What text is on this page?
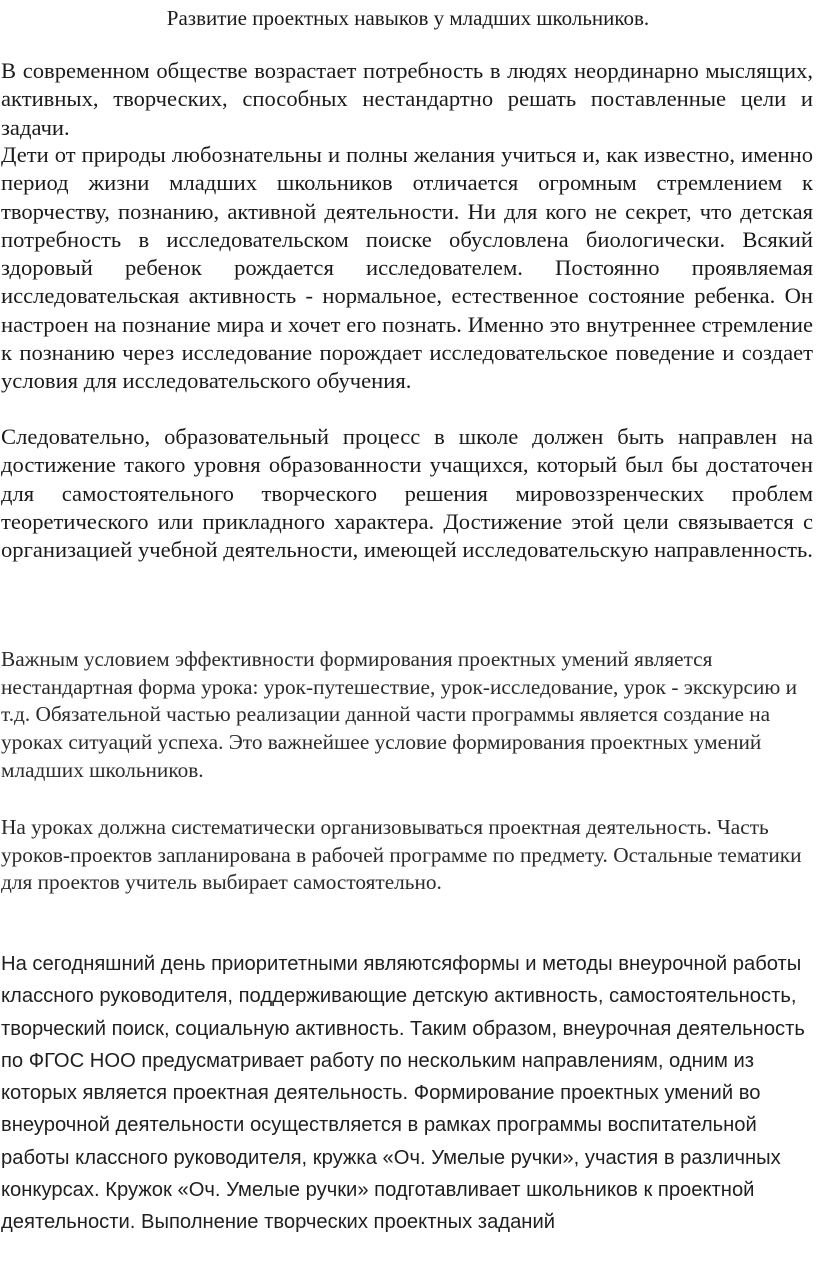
Развитие проектных навыков у младших школьников.

В современном обществе возрастает потребность в людях неординарно мыслящих, активных, творческих, способных нестандартно решать поставленные цели и задачи.

Дети от природы любознательны и полны желания учиться и, как известно, именно период жизни младших школьников отличается огромным стремлением к творчеству, познанию, активной деятельности. Ни для кого не секрет, что детская потребность в исследовательском поиске обусловлена биологически. Всякий здоровый ребенок рождается исследователем. Постоянно проявляемая исследовательская активность - нормальное, естественное состояние ребенка. Он настроен на познание мира и хочет его познать. Именно это внутреннее стремление к познанию через исследование порождает исследовательское поведение и создает условия для исследовательского обучения.

Следовательно, образовательный процесс в школе должен быть направлен на достижение такого уровня образованности учащихся, который был бы достаточен для самостоятельного творческого решения мировоззренческих проблем теоретического или прикладного характера. Достижение этой цели связывается с организацией учебной деятельности, имеющей исследовательскую направленность.

Важным условием эффективности формирования проектных умений является нестандартная форма урока: урок-путешествие, урок-исследование, урок - экскурсию и т.д. Обязательной частью реализации данной части программы является создание на уроках ситуаций успеха. Это важнейшее условие формирования проектных умений младших школьников.

На уроках должна систематически организовываться проектная деятельность. Часть уроков-проектов запланирована в рабочей программе по предмету. Остальные тематики для проектов учитель выбирает самостоятельно.

На сегодняшний день приоритетными являютсяформы и методы внеурочной работы классного руководителя, поддерживающие детскую активность, самостоятельность, творческий поиск, социальную активность. Таким образом, внеурочная деятельность по ФГОС НОО предусматривает работу по нескольким направлениям, одним из которых является проектная деятельность. Формирование проектных умений во внеурочной деятельности осуществляется в рамках программы воспитательной работы классного руководителя, кружка «Оч. Умелые ручки», участия в различных конкурсах. Кружок «Оч. Умелые ручки» подготавливает школьников к проектной деятельности. Выполнение творческих проектных заданий
